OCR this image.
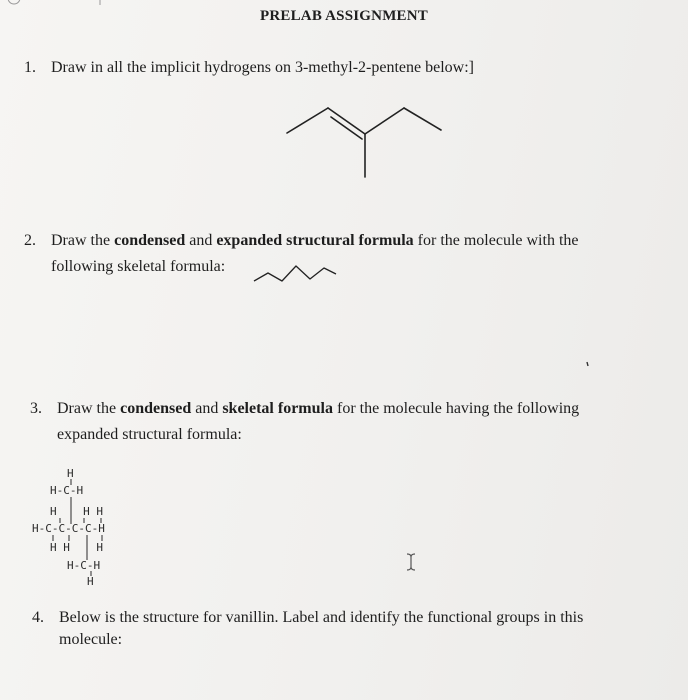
PRELAB ASSIGNMENT
1. Draw in all the implicit hydrogens on 3-methyl-2-pentene below:]
2. Draw the condensed and expanded structural formula for the molecule with the
following skeletal formula:
3. Draw the condensed and skeletal formula for the molecule having the following
expanded structural formula:
H
H-C-H
H    H H
H-C-C-C-C-H
H H    H
H-C-H
H
4. Below is the structure for vanillin. Label and identify the functional groups in this
molecule:
